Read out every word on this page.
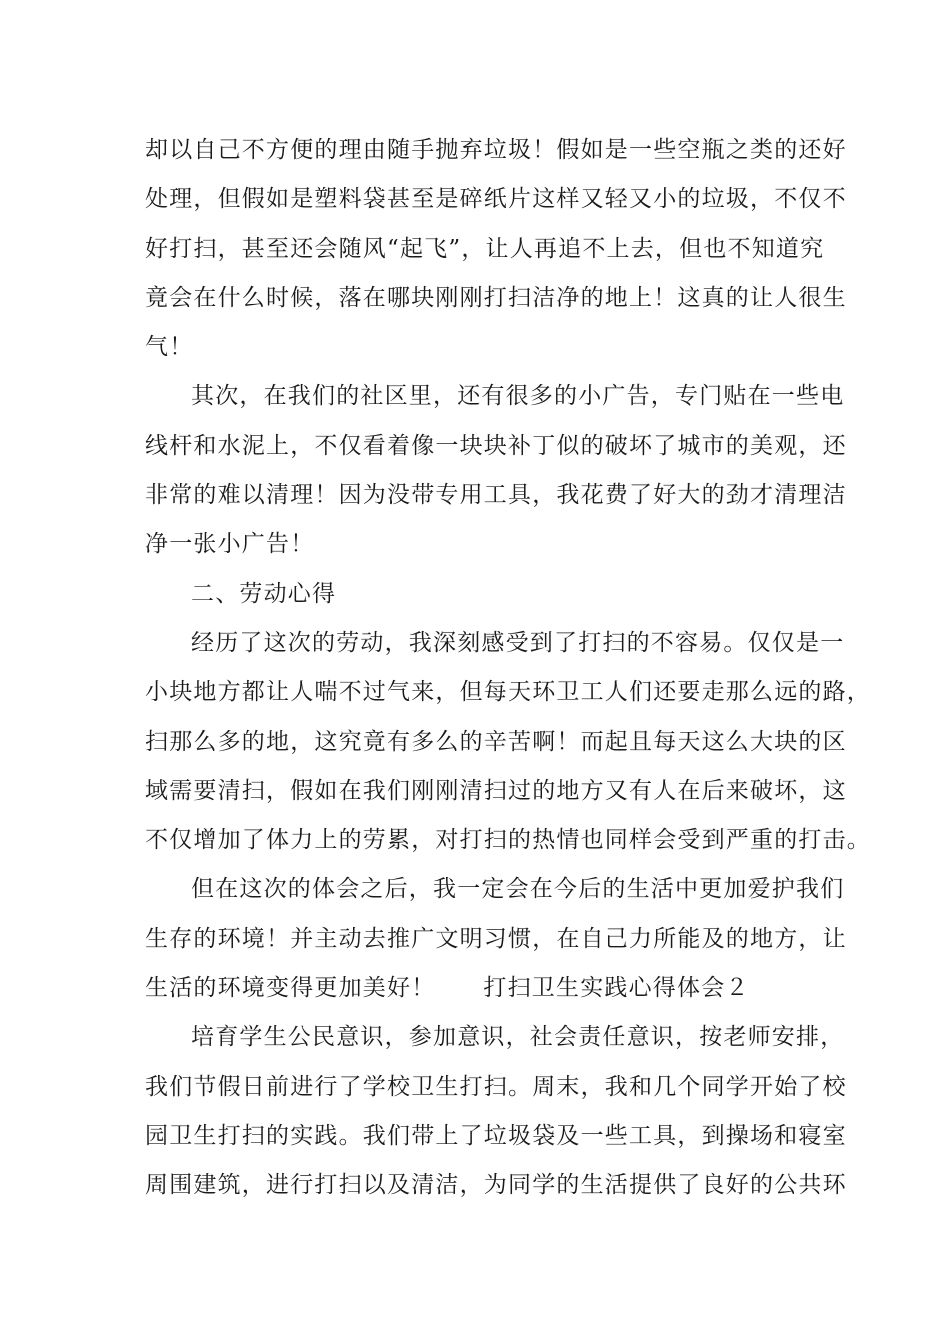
却以自己不方便的理由随手抛弃垃圾！假如是一些空瓶之类的还好
处理，但假如是塑料袋甚至是碎纸片这样又轻又小的垃圾，不仅不
好打扫，甚至还会随风“起飞”，让人再追不上去，但也不知道究
竟会在什么时候，落在哪块刚刚打扫洁净的地上！这真的让人很生
气！

其次，在我们的社区里，还有很多的小广告，专门贴在一些电
线杆和水泥上，不仅看着像一块块补丁似的破坏了城市的美观，还
非常的难以清理！因为没带专用工具，我花费了好大的劲才清理洁
净一张小广告！

二、劳动心得

经历了这次的劳动，我深刻感受到了打扫的不容易。仅仅是一
小块地方都让人喘不过气来，但每天环卫工人们还要走那么远的路，
扫那么多的地，这究竟有多么的辛苦啊！而起且每天这么大块的区
域需要清扫，假如在我们刚刚清扫过的地方又有人在后来破坏，这
不仅增加了体力上的劳累，对打扫的热情也同样会受到严重的打击。

但在这次的体会之后，我一定会在今后的生活中更加爱护我们
生存的环境！并主动去推广文明习惯，在自己力所能及的地方，让
生活的环境变得更加美好！ 打扫卫生实践心得体会２

培育学生公民意识，参加意识，社会责任意识，按老师安排，
我们节假日前进行了学校卫生打扫。周末，我和几个同学开始了校
园卫生打扫的实践。我们带上了垃圾袋及一些工具，到操场和寝室
周围建筑，进行打扫以及清洁，为同学的生活提供了良好的公共环
